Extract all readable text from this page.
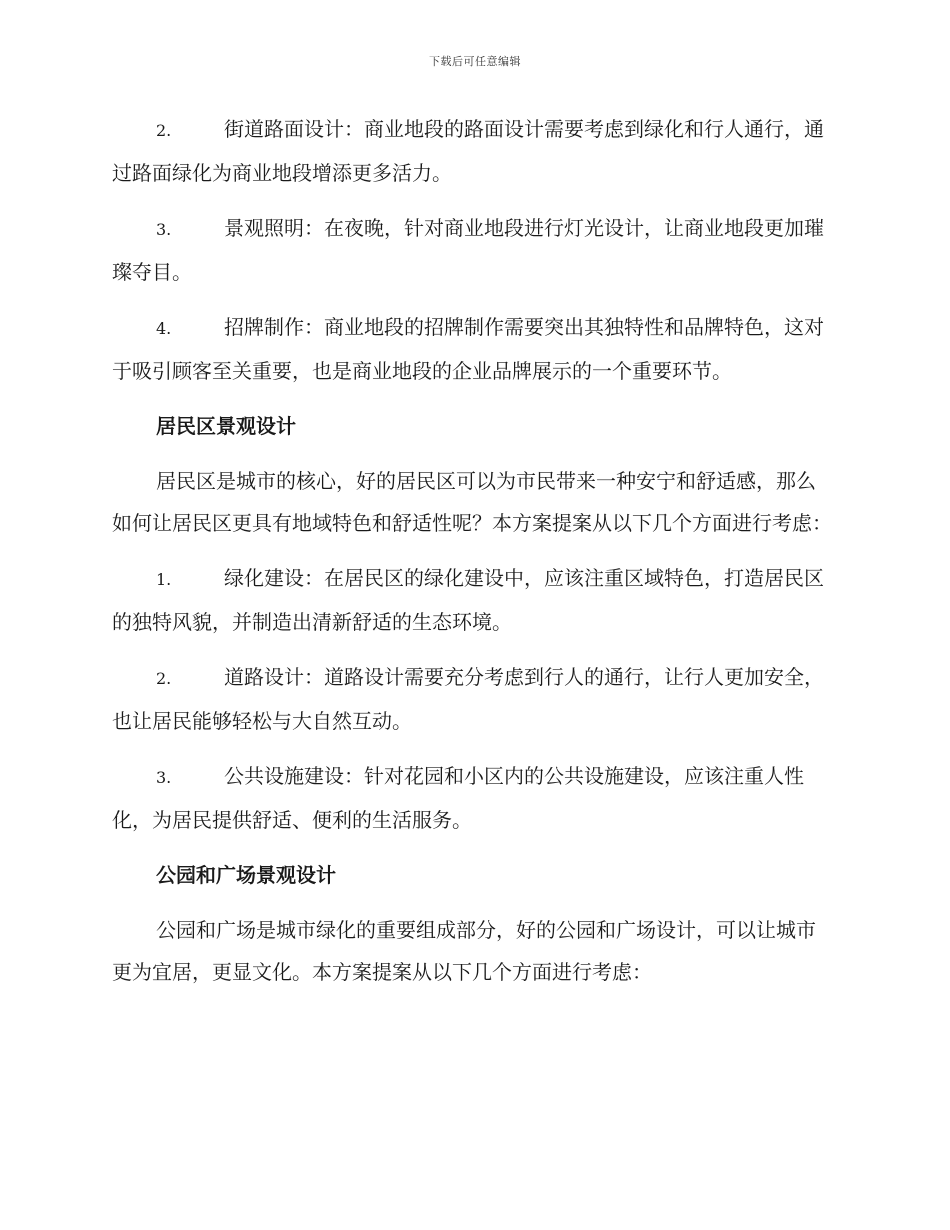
下载后可任意编辑

2.	街道路面设计：商业地段的路面设计需要考虑到绿化和行人通行，通过路面绿化为商业地段增添更多活力。

3.	景观照明：在夜晚，针对商业地段进行灯光设计，让商业地段更加璀璨夺目。

4.	招牌制作：商业地段的招牌制作需要突出其独特性和品牌特色，这对于吸引顾客至关重要，也是商业地段的企业品牌展示的一个重要环节。

居民区景观设计

居民区是城市的核心，好的居民区可以为市民带来一种安宁和舒适感，那么如何让居民区更具有地域特色和舒适性呢？本方案提案从以下几个方面进行考虑：

1.	绿化建设：在居民区的绿化建设中，应该注重区域特色，打造居民区的独特风貌，并制造出清新舒适的生态环境。

2.	道路设计：道路设计需要充分考虑到行人的通行，让行人更加安全，也让居民能够轻松与大自然互动。

3.	公共设施建设：针对花园和小区内的公共设施建设，应该注重人性化，为居民提供舒适、便利的生活服务。

公园和广场景观设计

公园和广场是城市绿化的重要组成部分，好的公园和广场设计，可以让城市更为宜居，更显文化。本方案提案从以下几个方面进行考虑：
